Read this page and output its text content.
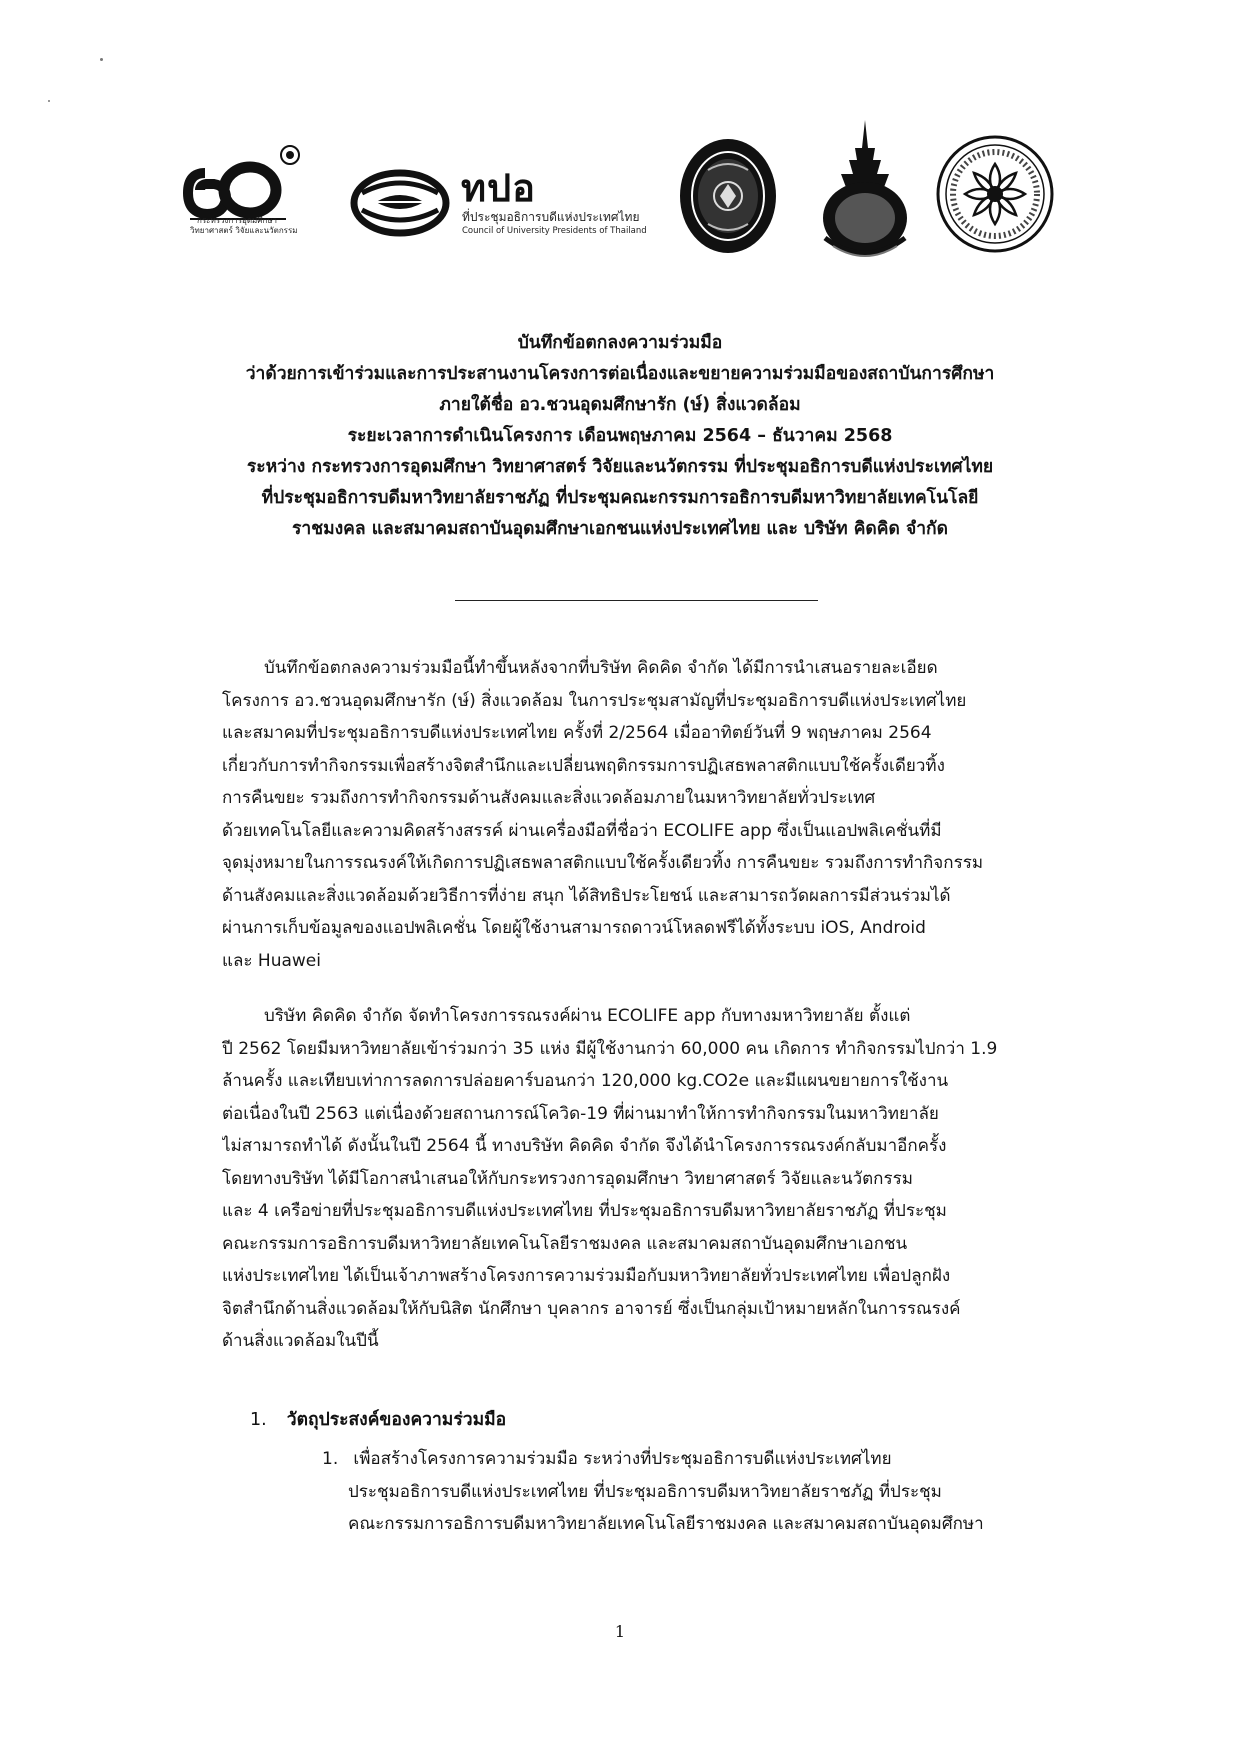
กระทรวงการอุดมศึกษา
วิทยาศาสตร์ วิจัยและนวัตกรรม
ทปอ
ที่ประชุมอธิการบดีแห่งประเทศไทย
Council of University Presidents of Thailand
บันทึกข้อตกลงความร่วมมือ
ว่าด้วยการเข้าร่วมและการประสานงานโครงการต่อเนื่องและขยายความร่วมมือของสถาบันการศึกษา
ภายใต้ชื่อ อว.ชวนอุดมศึกษารัก (ษ์) สิ่งแวดล้อม
ระยะเวลาการดำเนินโครงการ เดือนพฤษภาคม 2564 – ธันวาคม 2568
ระหว่าง กระทรวงการอุดมศึกษา วิทยาศาสตร์ วิจัยและนวัตกรรม ที่ประชุมอธิการบดีแห่งประเทศไทย
ที่ประชุมอธิการบดีมหาวิทยาลัยราชภัฏ ที่ประชุมคณะกรรมการอธิการบดีมหาวิทยาลัยเทคโนโลยี
ราชมงคล และสมาคมสถาบันอุดมศึกษาเอกชนแห่งประเทศไทย และ บริษัท คิดคิด จำกัด
บันทึกข้อตกลงความร่วมมือนี้ทำขึ้นหลังจากที่บริษัท คิดคิด จำกัด ได้มีการนำเสนอรายละเอียด
โครงการ อว.ชวนอุดมศึกษารัก (ษ์) สิ่งแวดล้อม ในการประชุมสามัญที่ประชุมอธิการบดีแห่งประเทศไทย
และสมาคมที่ประชุมอธิการบดีแห่งประเทศไทย ครั้งที่ 2/2564 เมื่ออาทิตย์วันที่ 9 พฤษภาคม 2564
เกี่ยวกับการทำกิจกรรมเพื่อสร้างจิตสำนึกและเปลี่ยนพฤติกรรมการปฏิเสธพลาสติกแบบใช้ครั้งเดียวทิ้ง
การคืนขยะ รวมถึงการทำกิจกรรมด้านสังคมและสิ่งแวดล้อมภายในมหาวิทยาลัยทั่วประเทศ
ด้วยเทคโนโลยีและความคิดสร้างสรรค์ ผ่านเครื่องมือที่ชื่อว่า ECOLIFE app ซึ่งเป็นแอปพลิเคชั่นที่มี
จุดมุ่งหมายในการรณรงค์ให้เกิดการปฏิเสธพลาสติกแบบใช้ครั้งเดียวทิ้ง การคืนขยะ รวมถึงการทำกิจกรรม
ด้านสังคมและสิ่งแวดล้อมด้วยวิธีการที่ง่าย สนุก ได้สิทธิประโยชน์ และสามารถวัดผลการมีส่วนร่วมได้
ผ่านการเก็บข้อมูลของแอปพลิเคชั่น โดยผู้ใช้งานสามารถดาวน์โหลดฟรีได้ทั้งระบบ iOS, Android
และ Huawei
บริษัท คิดคิด จำกัด จัดทำโครงการรณรงค์ผ่าน ECOLIFE app กับทางมหาวิทยาลัย ตั้งแต่
ปี 2562 โดยมีมหาวิทยาลัยเข้าร่วมกว่า 35 แห่ง มีผู้ใช้งานกว่า 60,000 คน เกิดการ ทำกิจกรรมไปกว่า 1.9
ล้านครั้ง และเทียบเท่าการลดการปล่อยคาร์บอนกว่า 120,000 kg.CO2e และมีแผนขยายการใช้งาน
ต่อเนื่องในปี 2563 แต่เนื่องด้วยสถานการณ์โควิด-19 ที่ผ่านมาทำให้การทำกิจกรรมในมหาวิทยาลัย
ไม่สามารถทำได้ ดังนั้นในปี 2564 นี้ ทางบริษัท คิดคิด จำกัด จึงได้นำโครงการรณรงค์กลับมาอีกครั้ง
โดยทางบริษัท ได้มีโอกาสนำเสนอให้กับกระทรวงการอุดมศึกษา วิทยาศาสตร์ วิจัยและนวัตกรรม
และ 4 เครือข่ายที่ประชุมอธิการบดีแห่งประเทศไทย ที่ประชุมอธิการบดีมหาวิทยาลัยราชภัฏ ที่ประชุม
คณะกรรมการอธิการบดีมหาวิทยาลัยเทคโนโลยีราชมงคล และสมาคมสถาบันอุดมศึกษาเอกชน
แห่งประเทศไทย ได้เป็นเจ้าภาพสร้างโครงการความร่วมมือกับมหาวิทยาลัยทั่วประเทศไทย เพื่อปลูกฝัง
จิตสำนึกด้านสิ่งแวดล้อมให้กับนิสิต นักศึกษา บุคลากร อาจารย์ ซึ่งเป็นกลุ่มเป้าหมายหลักในการรณรงค์
ด้านสิ่งแวดล้อมในปีนี้
1. วัตถุประสงค์ของความร่วมมือ
1. เพื่อสร้างโครงการความร่วมมือ ระหว่างที่ประชุมอธิการบดีแห่งประเทศไทย
ประชุมอธิการบดีแห่งประเทศไทย ที่ประชุมอธิการบดีมหาวิทยาลัยราชภัฏ ที่ประชุม
คณะกรรมการอธิการบดีมหาวิทยาลัยเทคโนโลยีราชมงคล และสมาคมสถาบันอุดมศึกษา
1
